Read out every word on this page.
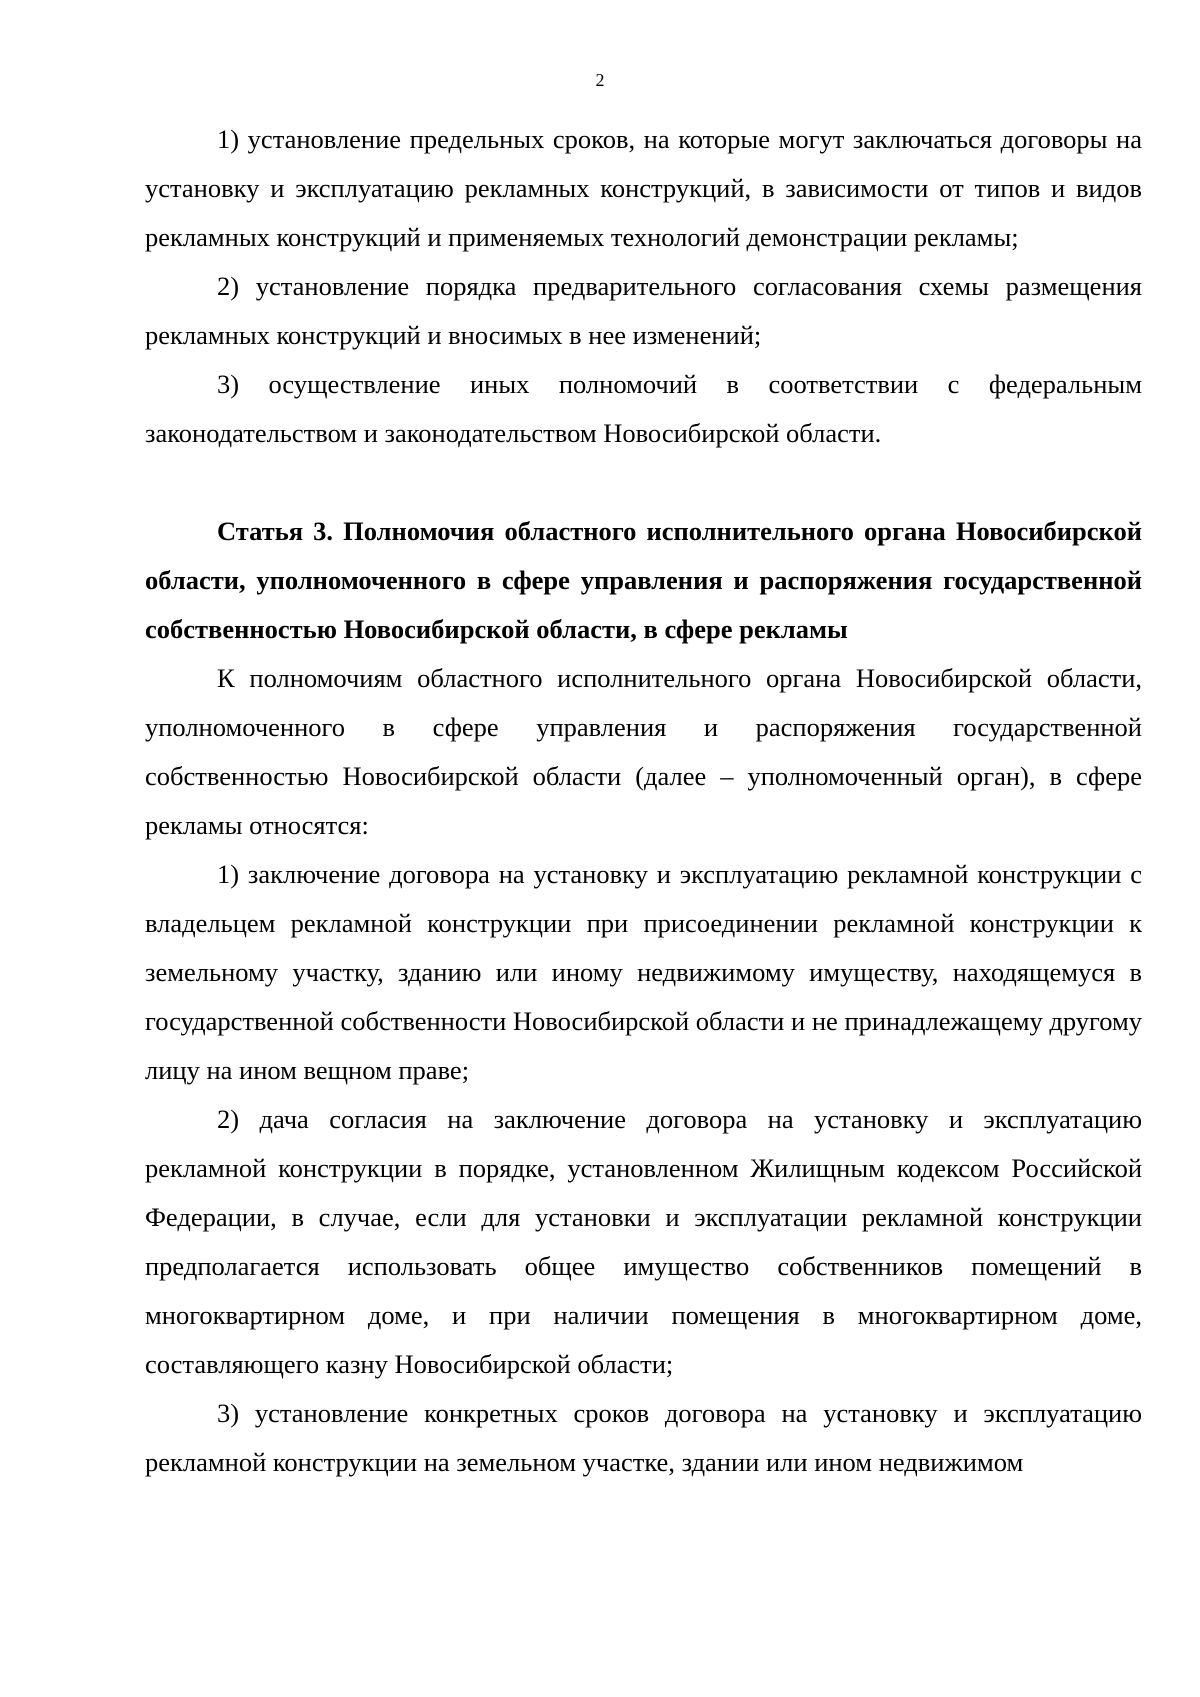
2

1) установление предельных сроков, на которые могут заключаться договоры на установку и эксплуатацию рекламных конструкций, в зависимости от типов и видов рекламных конструкций и применяемых технологий демонстрации рекламы;

2) установление порядка предварительного согласования схемы размещения рекламных конструкций и вносимых в нее изменений;

3) осуществление иных полномочий в соответствии с федеральным законодательством и законодательством Новосибирской области.

Статья 3. Полномочия областного исполнительного органа Новосибирской области, уполномоченного в сфере управления и распоряжения государственной собственностью Новосибирской области, в сфере рекламы

К полномочиям областного исполнительного органа Новосибирской области, уполномоченного в сфере управления и распоряжения государственной собственностью Новосибирской области (далее – уполномоченный орган), в сфере рекламы относятся:

1) заключение договора на установку и эксплуатацию рекламной конструкции с владельцем рекламной конструкции при присоединении рекламной конструкции к земельному участку, зданию или иному недвижимому имуществу, находящемуся в государственной собственности Новосибирской области и не принадлежащему другому лицу на ином вещном праве;

2) дача согласия на заключение договора на установку и эксплуатацию рекламной конструкции в порядке, установленном Жилищным кодексом Российской Федерации, в случае, если для установки и эксплуатации рекламной конструкции предполагается использовать общее имущество собственников помещений в многоквартирном доме, и при наличии помещения в многоквартирном доме, составляющего казну Новосибирской области;

3) установление конкретных сроков договора на установку и эксплуатацию рекламной конструкции на земельном участке, здании или ином недвижимом
